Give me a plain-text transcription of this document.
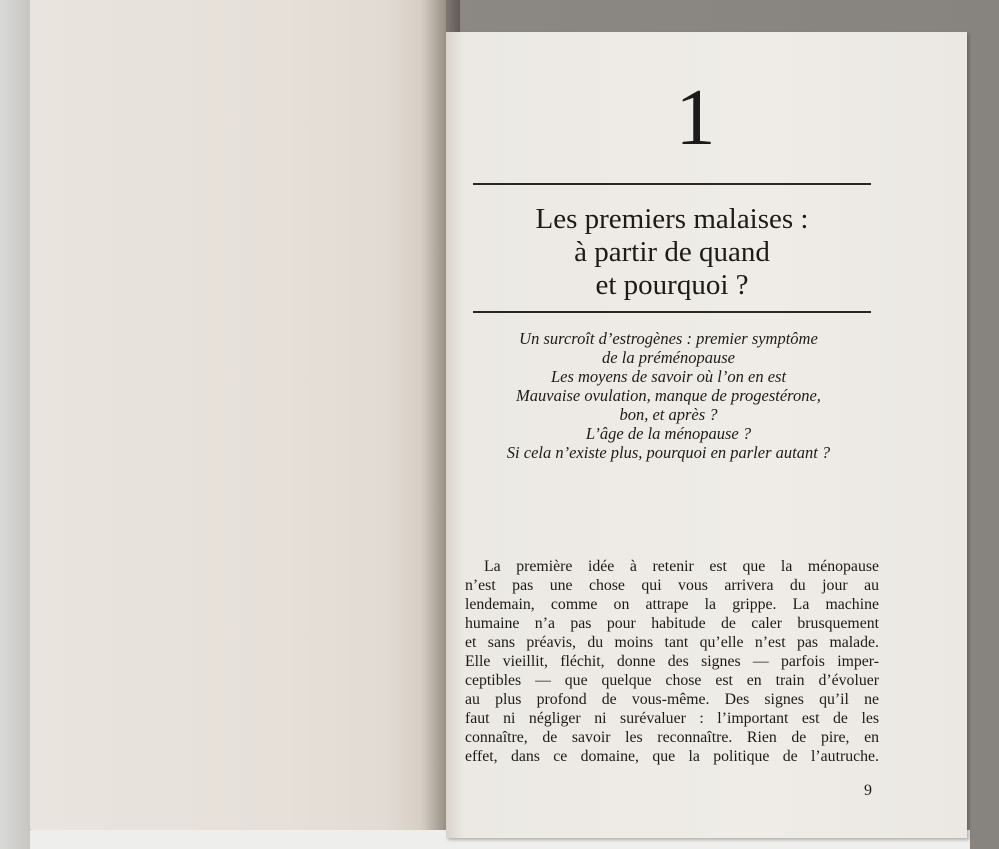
1
Les premiers malaises :
à partir de quand
et pourquoi ?
Un surcroît d’estrogènes : premier symptôme
de la préménopause
Les moyens de savoir où l’on en est
Mauvaise ovulation, manque de progestérone,
bon, et après ?
L’âge de la ménopause ?
Si cela n’existe plus, pourquoi en parler autant ?
La première idée à retenir est que la ménopause
n’est pas une chose qui vous arrivera du jour au
lendemain, comme on attrape la grippe. La machine
humaine n’a pas pour habitude de caler brusquement
et sans préavis, du moins tant qu’elle n’est pas malade.
Elle vieillit, fléchit, donne des signes — parfois imper-
ceptibles — que quelque chose est en train d’évoluer
au plus profond de vous-même. Des signes qu’il ne
faut ni négliger ni surévaluer : l’important est de les
connaître, de savoir les reconnaître. Rien de pire, en
effet, dans ce domaine, que la politique de l’autruche.
9
